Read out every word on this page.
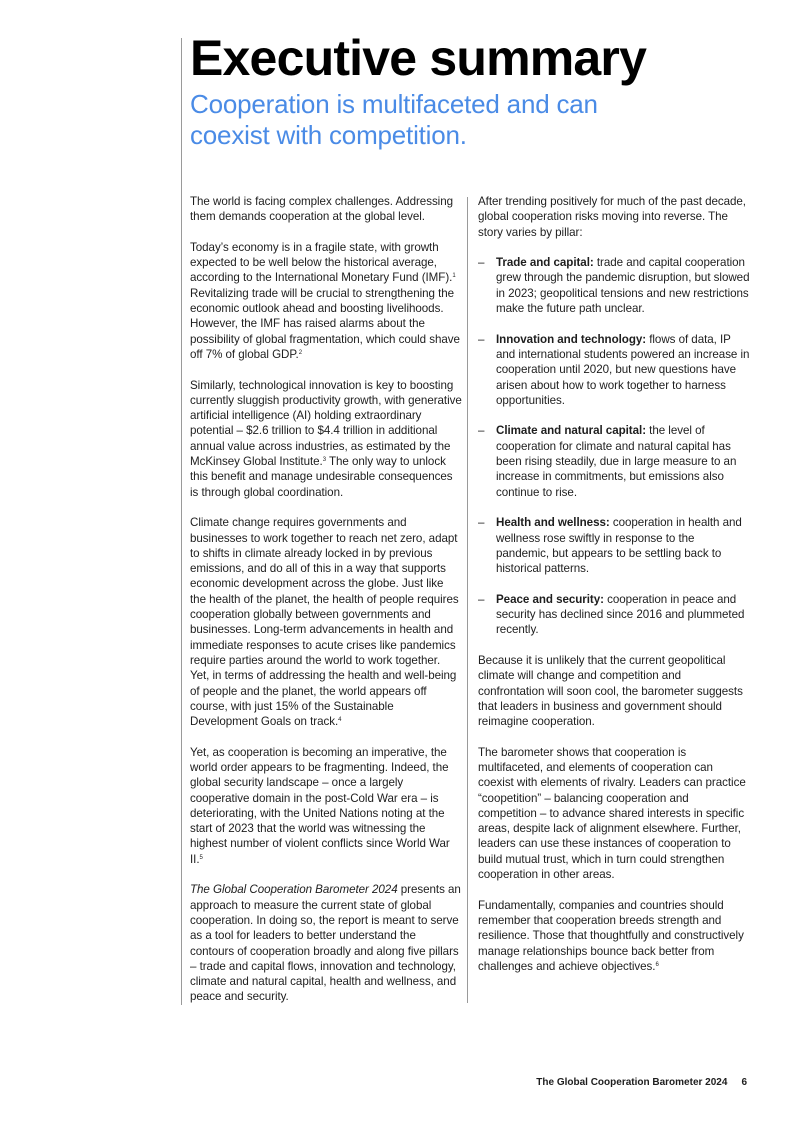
Executive summary
Cooperation is multifaceted and can coexist with competition.

The world is facing complex challenges. Addressing them demands cooperation at the global level.

Today’s economy is in a fragile state, with growth expected to be well below the historical average, according to the International Monetary Fund (IMF).$^1$ Revitalizing trade will be crucial to strengthening the economic outlook ahead and boosting livelihoods. However, the IMF has raised alarms about the possibility of global fragmentation, which could shave off 7% of global GDP.$^2$

Similarly, technological innovation is key to boosting currently sluggish productivity growth, with generative artificial intelligence (AI) holding extraordinary potential – $2.6 trillion to $4.4 trillion in additional annual value across industries, as estimated by the McKinsey Global Institute.$^3$ The only way to unlock this benefit and manage undesirable consequences is through global coordination.

Climate change requires governments and businesses to work together to reach net zero, adapt to shifts in climate already locked in by previous emissions, and do all of this in a way that supports economic development across the globe. Just like the health of the planet, the health of people requires cooperation globally between governments and businesses. Long-term advancements in health and immediate responses to acute crises like pandemics require parties around the world to work together. Yet, in terms of addressing the health and well-being of people and the planet, the world appears off course, with just 15% of the Sustainable Development Goals on track.$^4$

Yet, as cooperation is becoming an imperative, the world order appears to be fragmenting. Indeed, the global security landscape – once a largely cooperative domain in the post-Cold War era – is deteriorating, with the United Nations noting at the start of 2023 that the world was witnessing the highest number of violent conflicts since World War II.$^5$

The Global Cooperation Barometer 2024 presents an approach to measure the current state of global cooperation. In doing so, the report is meant to serve as a tool for leaders to better understand the contours of cooperation broadly and along five pillars – trade and capital flows, innovation and technology, climate and natural capital, health and wellness, and peace and security.

After trending positively for much of the past decade, global cooperation risks moving into reverse. The story varies by pillar:

– Trade and capital: trade and capital cooperation grew through the pandemic disruption, but slowed in 2023; geopolitical tensions and new restrictions make the future path unclear.
– Innovation and technology: flows of data, IP and international students powered an increase in cooperation until 2020, but new questions have arisen about how to work together to harness opportunities.
– Climate and natural capital: the level of cooperation for climate and natural capital has been rising steadily, due in large measure to an increase in commitments, but emissions also continue to rise.
– Health and wellness: cooperation in health and wellness rose swiftly in response to the pandemic, but appears to be settling back to historical patterns.
– Peace and security: cooperation in peace and security has declined since 2016 and plummeted recently.

Because it is unlikely that the current geopolitical climate will change and competition and confrontation will soon cool, the barometer suggests that leaders in business and government should reimagine cooperation.

The barometer shows that cooperation is multifaceted, and elements of cooperation can coexist with elements of rivalry. Leaders can practice “coopetition” – balancing cooperation and competition – to advance shared interests in specific areas, despite lack of alignment elsewhere. Further, leaders can use these instances of cooperation to build mutual trust, which in turn could strengthen cooperation in other areas.

Fundamentally, companies and countries should remember that cooperation breeds strength and resilience. Those that thoughtfully and constructively manage relationships bounce back better from challenges and achieve objectives.$^6$

The Global Cooperation Barometer 2024 6
